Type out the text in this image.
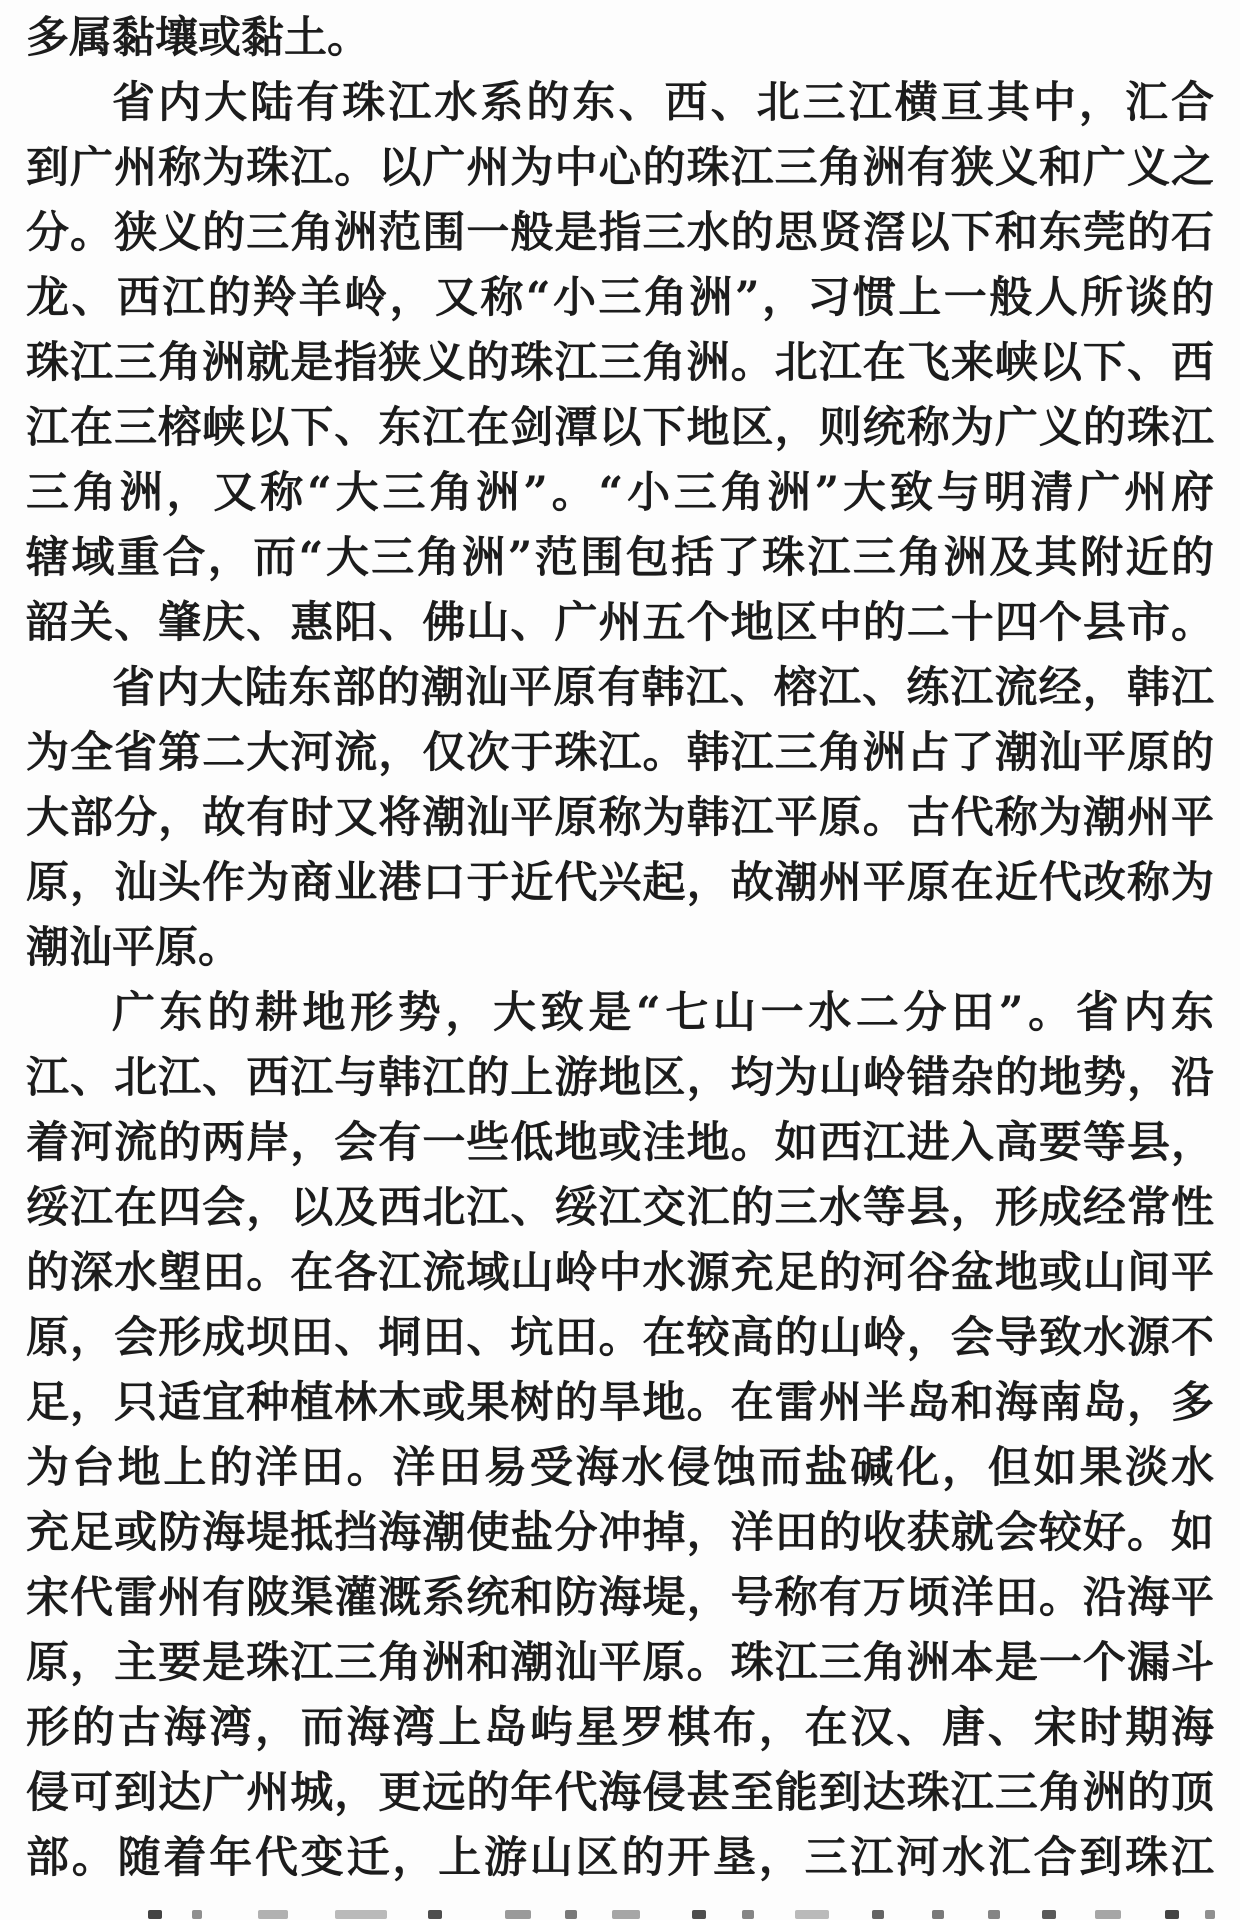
多属黏壤或黏土。
省内大陆有珠江水系的东、西、北三江横亘其中，汇合
到广州称为珠江。以广州为中心的珠江三角洲有狭义和广义之
分。狭义的三角洲范围一般是指三水的思贤滘以下和东莞的石
龙、西江的羚羊岭，又称“小三角洲”，习惯上一般人所谈的
珠江三角洲就是指狭义的珠江三角洲。北江在飞来峡以下、西
江在三榕峡以下、东江在剑潭以下地区，则统称为广义的珠江
三角洲，又称“大三角洲”。“小三角洲”大致与明清广州府
辖域重合，而“大三角洲”范围包括了珠江三角洲及其附近的
韶关、肇庆、惠阳、佛山、广州五个地区中的二十四个县市。
省内大陆东部的潮汕平原有韩江、榕江、练江流经，韩江
为全省第二大河流，仅次于珠江。韩江三角洲占了潮汕平原的
大部分，故有时又将潮汕平原称为韩江平原。古代称为潮州平
原，汕头作为商业港口于近代兴起，故潮州平原在近代改称为
潮汕平原。
广东的耕地形势，大致是“七山一水二分田”。省内东
江、北江、西江与韩江的上游地区，均为山岭错杂的地势，沿
着河流的两岸，会有一些低地或洼地。如西江进入高要等县，
绥江在四会，以及西北江、绥江交汇的三水等县，形成经常性
的深水塱田。在各江流域山岭中水源充足的河谷盆地或山间平
原，会形成坝田、垌田、坑田。在较高的山岭，会导致水源不
足，只适宜种植林木或果树的旱地。在雷州半岛和海南岛，多
为台地上的洋田。洋田易受海水侵蚀而盐碱化，但如果淡水
充足或防海堤抵挡海潮使盐分冲掉，洋田的收获就会较好。如
宋代雷州有陂渠灌溉系统和防海堤，号称有万顷洋田。沿海平
原，主要是珠江三角洲和潮汕平原。珠江三角洲本是一个漏斗
形的古海湾，而海湾上岛屿星罗棋布，在汉、唐、宋时期海
侵可到达广州城，更远的年代海侵甚至能到达珠江三角洲的顶
部。随着年代变迁，上游山区的开垦，三江河水汇合到珠江
